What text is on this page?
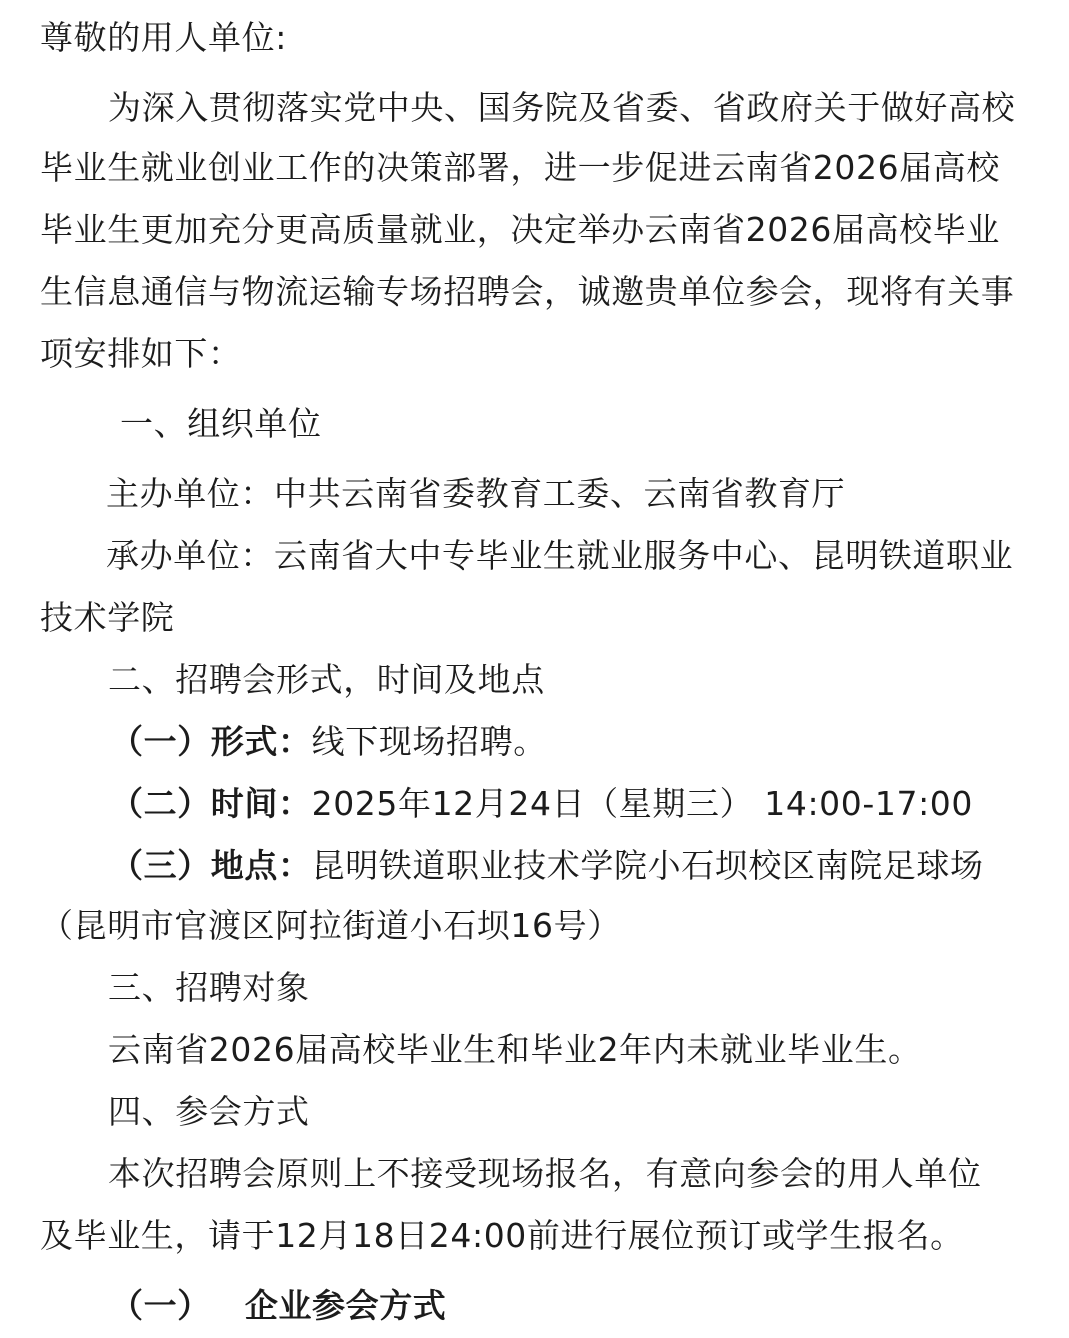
尊敬的用人单位:
为深入贯彻落实党中央、国务院及省委、省政府关于做好高校
毕业生就业创业工作的决策部署，进一步促进云南省2026届高校
毕业生更加充分更高质量就业，决定举办云南省2026届高校毕业
生信息通信与物流运输专场招聘会，诚邀贵单位参会，现将有关事
项安排如下：
一、组织单位
主办单位：中共云南省委教育工委、云南省教育厅
承办单位：云南省大中专毕业生就业服务中心、昆明铁道职业
技术学院
二、招聘会形式，时间及地点
（一）形式：线下现场招聘。
（二）时间：2025年12月24日（星期三） 14:00-17:00
（三）地点：昆明铁道职业技术学院小石坝校区南院足球场
（昆明市官渡区阿拉街道小石坝16号）
三、招聘对象
云南省2026届高校毕业生和毕业2年内未就业毕业生。
四、参会方式
本次招聘会原则上不接受现场报名，有意向参会的用人单位
及毕业生，请于12月18日24:00前进行展位预订或学生报名。
（一） 企业参会方式
